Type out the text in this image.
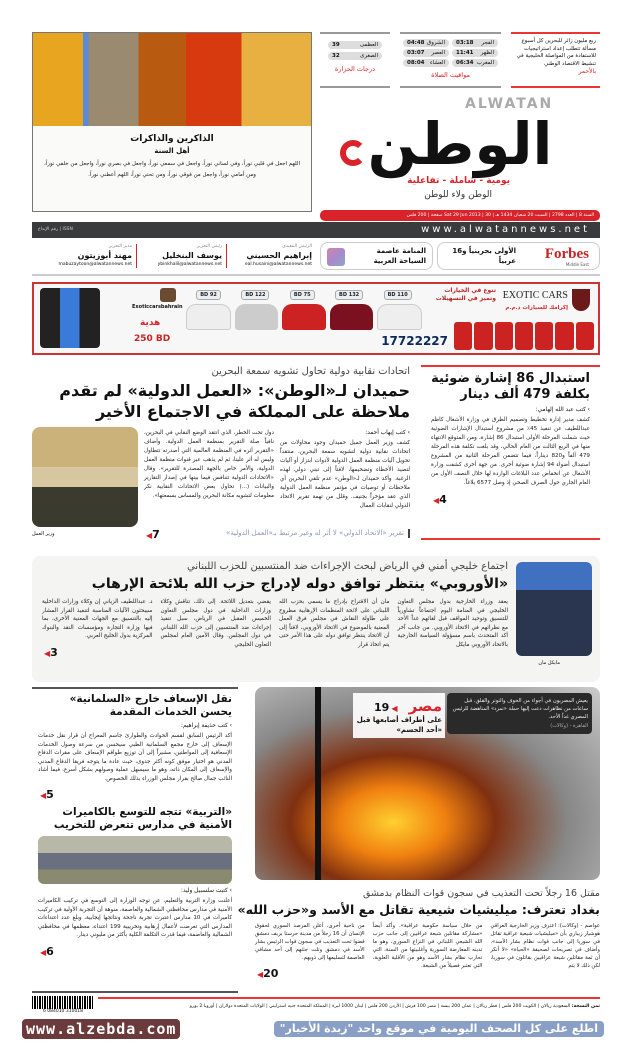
الذاكرين والذاكرات
أهل السنة
اللهم اجعل في قلبي نوراً، وفي لساني نوراً، واجعل في سمعي نوراً، واجعل في بصري نوراً، واجعل من خلفي نوراً، ومن أمامي نوراً، واجعل من فوقي نوراً، ومن تحتي نوراً، اللهم أعطني نوراً.
ربع مليون زائر للبحرين كل أسبوع مسألة تتطلب إعداد استراتيجيات للاستفادة من المواصلة الخليجية في تنشيط الاقتصاد الوطني
بالأحمر
الفجر
03:18
الشروق
04:48
الظهر
11:41
العصر
03:07
المغرب
06:34
العشاء
08:04
مواقيت الصلاة
العظمى
39
الصغرى
32
درجات الحرارة
ALWATAN
الوطن
يومية - شاملة - تفاعلية
الوطن ولاء للوطن
السنة 8 | العدد 2798 | السبت 20 شعبان 1434 هـ | Sat 29 Jun 2013 | 30 صفحة | 200 فلس
رقم الإيداع | ISSN	www.alwatannews.net
Forbes
Middle East
الأولى بحرينياً و16 عربياً
المنامة عاصمة السياحة العربية
الرئيس التنفيذي
إبراهيم الحسيني
eal.husaini@alwatannews.net
رئيس التحرير
يوسف البنخليل
ybinkhalil@alwatannews.net
مدير التحرير
مهند أبوزيتون
mabuzaytoon@alwatannews.net
EXOTIC CARS
إكرامك للسيارات ذ.م.م
تنوع في الخيارات وتميز في التسهيلات
17722227
BD 110
BD 132
BD 75
BD 122
BD 92
Exoticcarsbahrain
هدية
250 BD
استبدال 86 إشارة ضوئية بكلفة 479 ألف دينار
› كتب عبد الله إلهامي:
كشف مدير إدارة تخطيط وتصميم الطرق في وزارة الأشغال كاظم عبداللطيف عن تنفيذ 45٪ من مشروع استبدال الإشارات الضوئية حيث شملت المرحلة الأولى استبدال 86 إشارة، ومن المتوقع الانتهاء منها في الربع الثالث من العام الحالي، وقد بلغت تكلفة هذه المرحلة 479 ألفاً و820 ديناراً، فيما تتضمن المرحلة الثانية من المشروع استبدال أضواء 94 إشارة ضوئية أخرى. من جهة أخرى كشفت وزارة الأشغال عن انخفاض عدد البلاغات الواردة لها خلال النصف الأول من العام الجاري حول الصرف الصحي إذ وصل 6577 بلاغاً.
◀ 4
اتحادات نقابية دولية تحاول تشويه سمعة البحرين
حميدان لـ«الوطن»: «العمل الدولية» لم تقدم ملاحظة على المملكة في الاجتماع الأخير
وزير العمل
› كتب إيهاب أحمد:
كشف وزير العمل جميل حميدان وجود محاولات من اتحادات نقابية دولية لتشويه سمعة البحرين، منتقداً تحويل آليات منظمة العمل الدولية لأدوات ابتزاز أو آليات لتصيد الأخطاء وتضخيمها، لافتاً إلى تبني دولي لهذه الرغبة. وأكد حميدان لـ«الوطن» عدم تلقي البحرين أي ملاحظات أو توصيات في مؤتمر منظمة العمل الدولية الذي عقد مؤخراً بجنيف. وقلل من تهمة تقرير الاتحاد الدولي لنقابات العمال
دول تحت الخطر، الذي انتقد الوضع النقابي في البحرين، نافياً صلة التقرير بمنظمة العمل الدولية. وأضاف «التقرير أثره في المنظمة العالمية التي أصدرته تتطاول وليس له أثر علينا، ثم لم يذهب عبر قنوات منظمة العمل الدولية، والأمر خاص بالجهة المصدرة للتقرير». وقال «الاتحادات الدولية تتنافس فيما بينها في إصدار التقارير والبيانات (...) تحاول بعض الاتحادات النقابية نكر معلومات لتشويه مكانة البحرين والمساس بسمعتها».
◀ 7	تقرير «الاتحاد الدولي» لا أثر له وغير مرتبط بـ«العمل الدولية»
مايكل مان
اجتماع خليجي أمني في الرياض لبحث الإجراءات ضد المنتسبين للحزب اللبناني
«الأوروبي» ينتظر توافق دوله لإدراج حزب الله بلائحة الإرهاب
يعقد وزراء الخارجية بدول مجلس التعاون الخليجي في المنامة اليوم اجتماعاً تشاورياً للتنسيق وتوحيد المواقف قبل لقائهم غداً الأحد مع نظرائهم في الاتحاد الأوروبي. من جانب آخر أكد المتحدث باسم مسؤولة السياسة الخارجية بالاتحاد الأوروبي مايكل
مان أن الاقتراح بإدراج ما يسمى بحزب الله اللبناني على لائحة المنظمات الإرهابية مطروح على طاولة النقاش في مجلس فرق العمل المعنية بالموضوع في الاتحاد الأوروبي، لافتاً إلى أن الاتحاد ينتظر توافق دوله على هذا الأمر حتى يتم اتخاذ قرار
يقضي بتعديل اللائحة. إلى ذلك، تناقش وكلاء وزارات الداخلية في دول مجلس التعاون الخميس المقبل في الرياض، سبل تنفيذ إجراءات ضد المنتسبين إلى حزب الله اللبناني في دول المجلس. وقال الأمين العام لمجلس التعاون الخليجي
د. عبداللطيف الزياني إن وكلاء وزارات الداخلية سيبحثون الآليات المناسبة لتنفيذ القرار المشار إليه بالتنسيق مع الجهات المعنية الأخرى، بما فيها وزارة التجارة ومؤسسات النقد والبنوك المركزية بدول الخليج العربي.
◀ 3
نقل الإسعاف خارج «السلمانية» يحسن الخدمات المقدمة
› كتب حذيفة إبراهيم:
أكد الرئيس السابق لقسم الحوادث والطوارئ جاسم المعراج أن قرار نقل خدمات الإسعاف إلى خارج مجمع السلمانية الطبي سيحسن من سرعة وصول الخدمات الإسعافية إلى المواطنين، مشيراً إلى أن توزيع طواقم الإسعاف على مقرات الدفاع المدني هو اختيار موفق كونه أكثر جدوى، حيث عادة ما يتوجه فريقا الدفاع المدني والإسعاف إلى المكان ذاته، وهو ما سيسهل عملية وصولهم بشكل أسرع. فيما أشاد النائب جمال صالح بقرار مجلس الوزراء بذلك الخصوص.
◀ 5
«التربية» تتجه للتوسع بالكاميرات الأمنية في مدارس تتعرض للتخريب
› كتبت سلسبيل وليد:
أعلنت وزارة التربية والتعليم، عن توجه الوزارة إلى التوسع في تركيب الكاميرات الأمنية في مدارس محافظتي الشمالية والعاصمة، منوهة أن التجربة الأولية في تركيب كاميرات في 10 مدارس اعتبرت تجربة ناجحة ونتائجها إيجابية، وبلغ عدد اعتداءات المدارس التي تعرضت لأعمال إرهابية وتخريبية 199 اعتداء، معظمها في محافظتي الشمالية والعاصمة، فيما قدرت التكلفة الكلية بأكثر من مليوني دينار.
◀ 6
يعيش المصريون في أجواء من الخوف والتوتر والقلق، قبل ساعات من تظاهرات دعت إليها حملة «تمرد» المناهضة للرئيس المصري غداً الأحد.
القاهرة - (وكالات)
مصر ◀ 19
على أطراف أصابعها قبل «أحد الحسم»
مقتل 16 رجلاً تحت التعذيب في سجون قوات النظام بدمشق
بغداد تعترف: ميليشيات شيعية تقاتل مع الأسد و«حزب الله»
عواصم - (وكالات): اعترف وزير الخارجية العراقي هوشيار زيباري بأن «ميليشيات شيعية عراقية تقاتل في سوريا إلى جانب قوات نظام بشار الأسد». وأضاف في تصريحات لصحيفة «الحياة» «لا أنكر أن ثمة مقاتلين شيعة عراقيين يقاتلون في سوريا، لكن ذلك لا يتم
من خلال سياسة حكومية عراقية». وأكد أيضاً «مشاركة مقاتلين شيعة عراقيين إلى جانب حزب الله الشيعي اللبناني في النزاع السوري، وهو ما تدينه المعارضة السورية وأغلبيتها من السنة، التي تحارب نظام بشار الأسد وهو من الأقلية العلوية، التي تعتبر فصيلاً من الشيعة.
من ناحية أخرى، أعلن المرصد السوري لحقوق الإنسان أن 16 رجلاً من مدينة حرستا بريف دمشق قضوا تحت التعذيب في سجون قوات الرئيس بشار الأسد في دمشق وتلت جثثهم إلى أحد مشافي العاصمة لتسليمها إلى ذويهم.
◀ 20
6 084010 310018
ثمن النسخة: السعودية ريالان | الكويت 200 فلس | قطر ريالان | عمان 200 بيسة | مصر 100 قرش | الأردن 200 فلس | لبنان 1000 ليرة | المملكة المتحدة جنيه استرليني | الولايات المتحدة دولاران | أوروبا 2 يورو
www.alzebda.com	اطلع على كل الصحف اليومية في موقع واحد "زبدة الأخبار"
